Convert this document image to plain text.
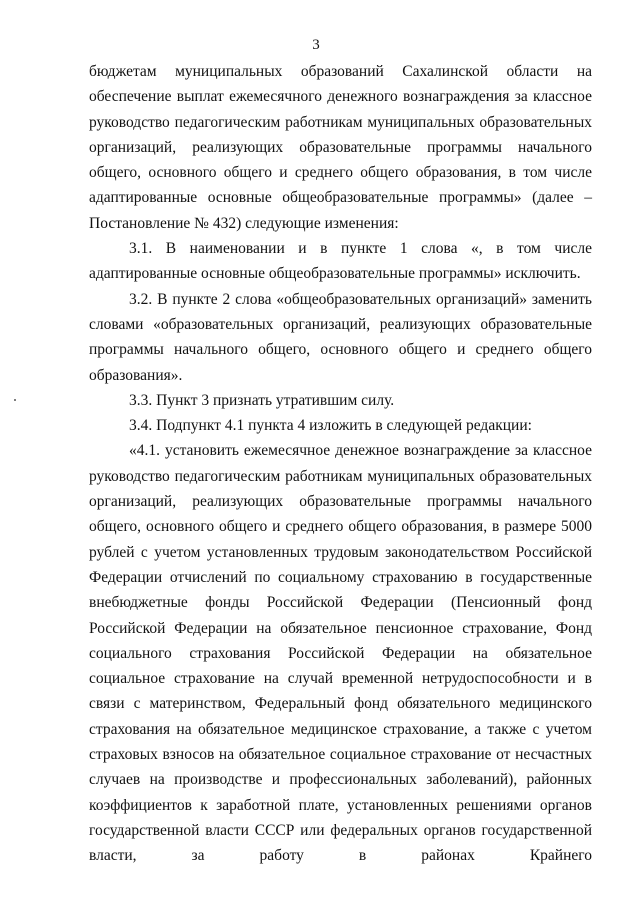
3

бюджетам муниципальных образований Сахалинской области на обеспечение выплат ежемесячного денежного вознаграждения за классное руководство педагогическим работникам муниципальных образовательных организаций, реализующих образовательные программы начального общего, основного общего и среднего общего образования, в том числе адаптированные основные общеобразовательные программы» (далее – Постановление № 432) следующие изменения:

3.1. В наименовании и в пункте 1 слова «, в том числе адаптированные основные общеобразовательные программы» исключить.

3.2. В пункте 2 слова «общеобразовательных организаций» заменить словами «образовательных организаций, реализующих образовательные программы начального общего, основного общего и среднего общего образования».

3.3. Пункт 3 признать утратившим силу.

3.4. Подпункт 4.1 пункта 4 изложить в следующей редакции:

«4.1. установить ежемесячное денежное вознаграждение за классное руководство педагогическим работникам муниципальных образовательных организаций, реализующих образовательные программы начального общего, основного общего и среднего общего образования, в размере 5000 рублей с учетом установленных трудовым законодательством Российской Федерации отчислений по социальному страхованию в государственные внебюджетные фонды Российской Федерации (Пенсионный фонд Российской Федерации на обязательное пенсионное страхование, Фонд социального страхования Российской Федерации на обязательное социальное страхование на случай временной нетрудоспособности и в связи с материнством, Федеральный фонд обязательного медицинского страхования на обязательное медицинское страхование, а также с учетом страховых взносов на обязательное социальное страхование от несчастных случаев на производстве и профессиональных заболеваний), районных коэффициентов к заработной плате, установленных решениями органов государственной власти СССР или федеральных органов государственной власти, за работу в районах Крайнего
